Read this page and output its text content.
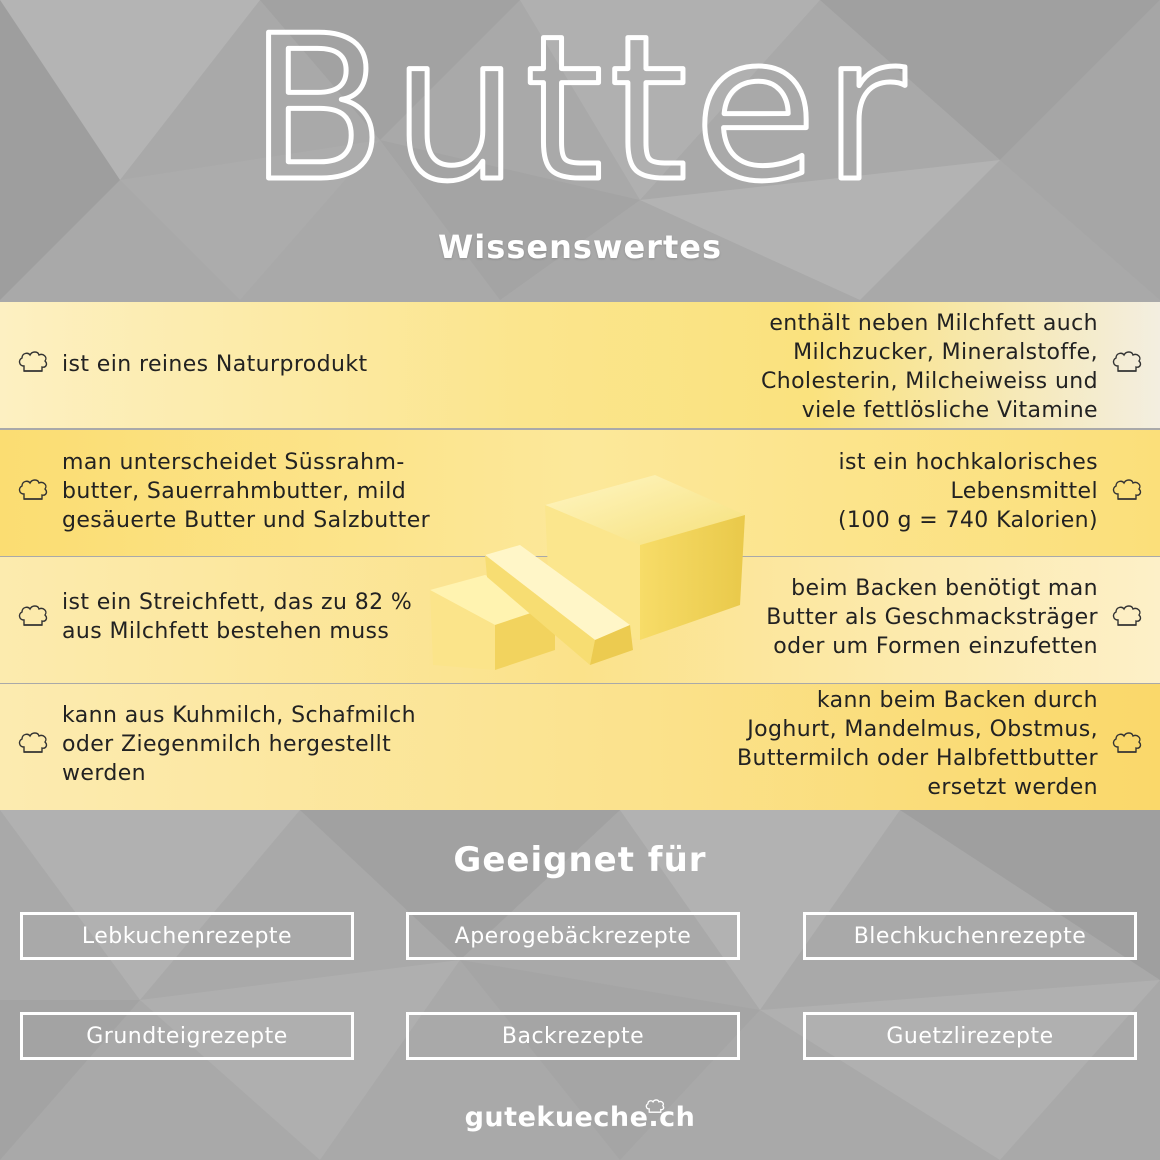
Butter
Wissenswertes
ist ein reines Naturprodukt
enthält neben Milchfett auch
Milchzucker, Mineralstoffe,
Cholesterin, Milcheiweiss und
viele fettlösliche Vitamine
man unterscheidet Süssrahm-
butter, Sauerrahmbutter, mild
gesäuerte Butter und Salzbutter
ist ein hochkalorisches
Lebensmittel
(100 g = 740 Kalorien)
ist ein Streichfett, das zu 82 %
aus Milchfett bestehen muss
beim Backen benötigt man
Butter als Geschmacksträger
oder um Formen einzufetten
kann aus Kuhmilch, Schafmilch
oder Ziegenmilch hergestellt
werden
kann beim Backen durch
Joghurt, Mandelmus, Obstmus,
Buttermilch oder Halbfettbutter
ersetzt werden
Geeignet für
Lebkuchenrezepte	Aperogebäckrezepte	Blechkuchenrezepte
Grundteigrezepte	Backrezepte	Guetzlirezepte
gutekueche.ch
